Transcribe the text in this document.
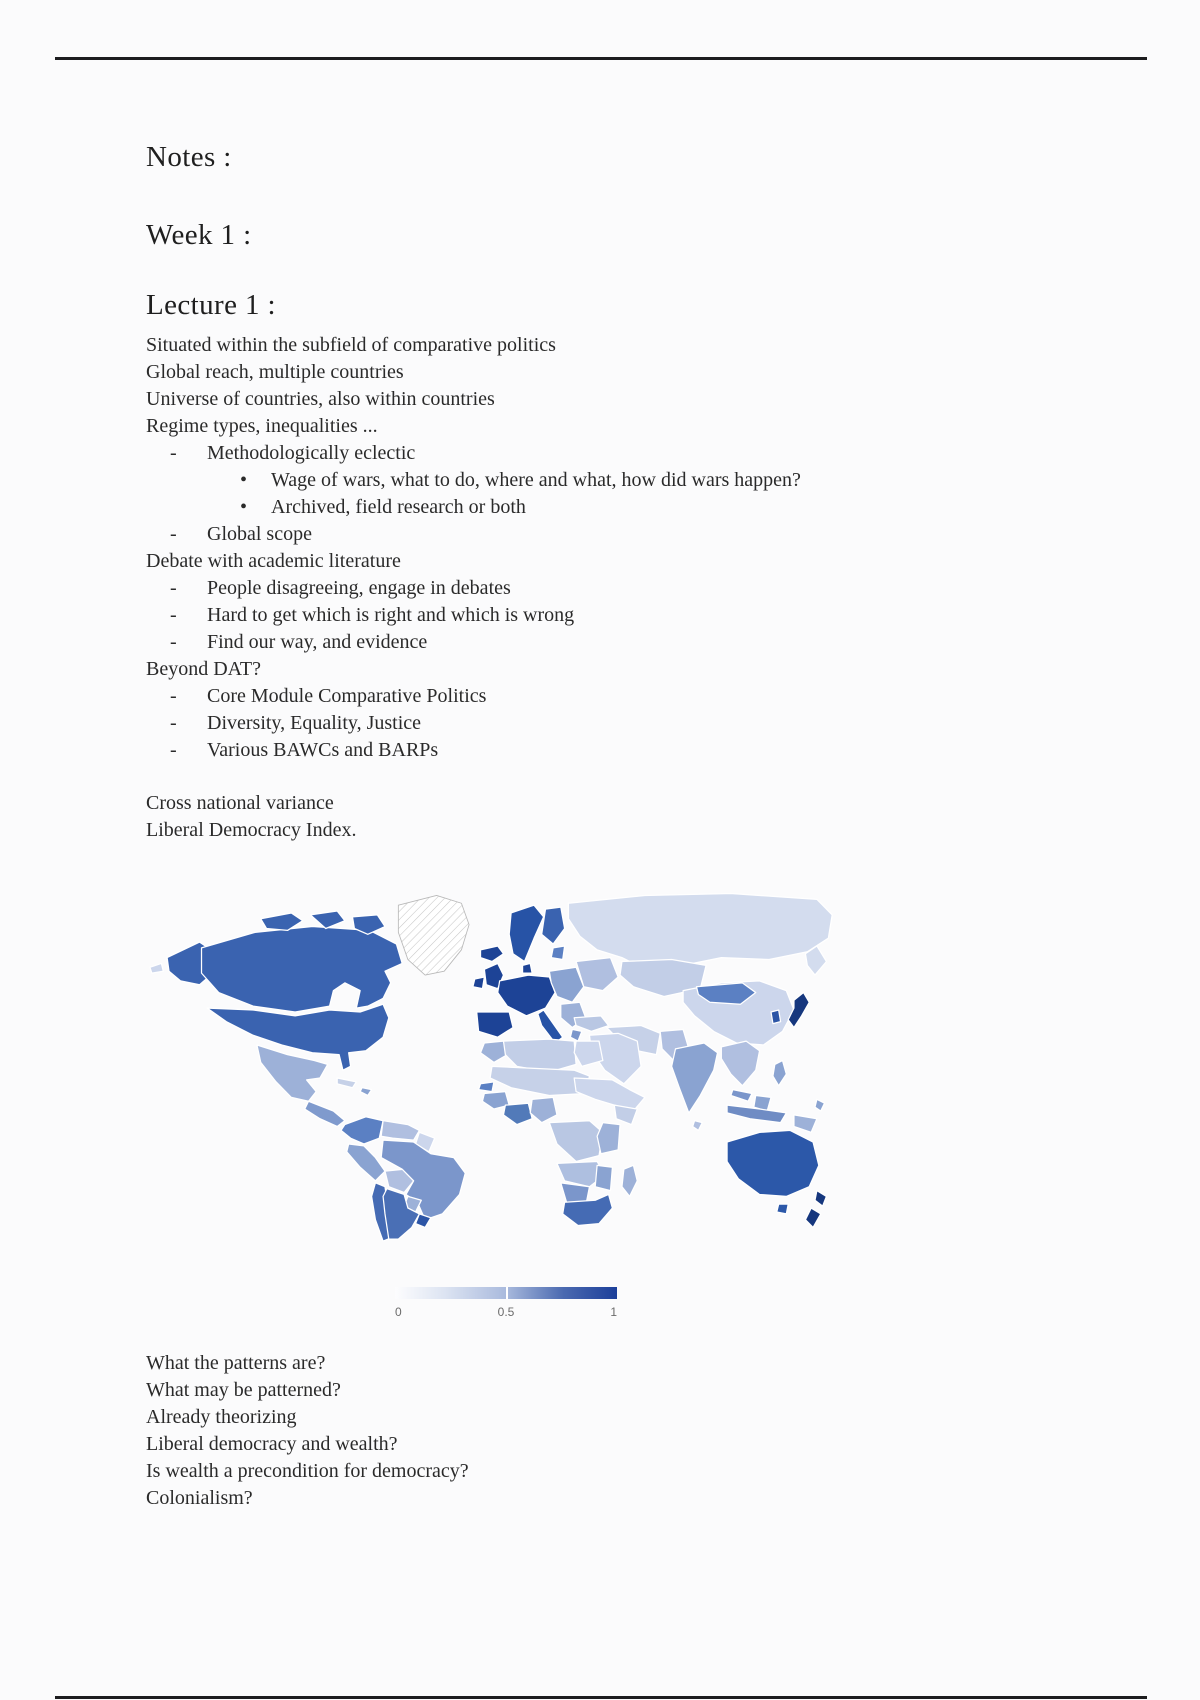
Notes :
Week 1 :
Lecture 1 :
Situated within the subfield of comparative politics
Global reach, multiple countries
Universe of countries, also within countries
Regime types, inequalities ...
-	Methodologically eclectic
•	Wage of wars, what to do, where and what, how did wars happen?
•	Archived, field research or both
-	Global scope
Debate with academic literature
-	People disagreeing, engage in debates
-	Hard to get which is right and which is wrong
-	Find our way, and evidence
Beyond DAT?
-	Core Module Comparative Politics
-	Diversity, Equality, Justice
-	Various BAWCs and BARPs
Cross national variance
Liberal Democracy Index.
0	0.5	1
What the patterns are?
What may be patterned?
Already theorizing
Liberal democracy and wealth?
Is wealth a precondition for democracy?
Colonialism?
